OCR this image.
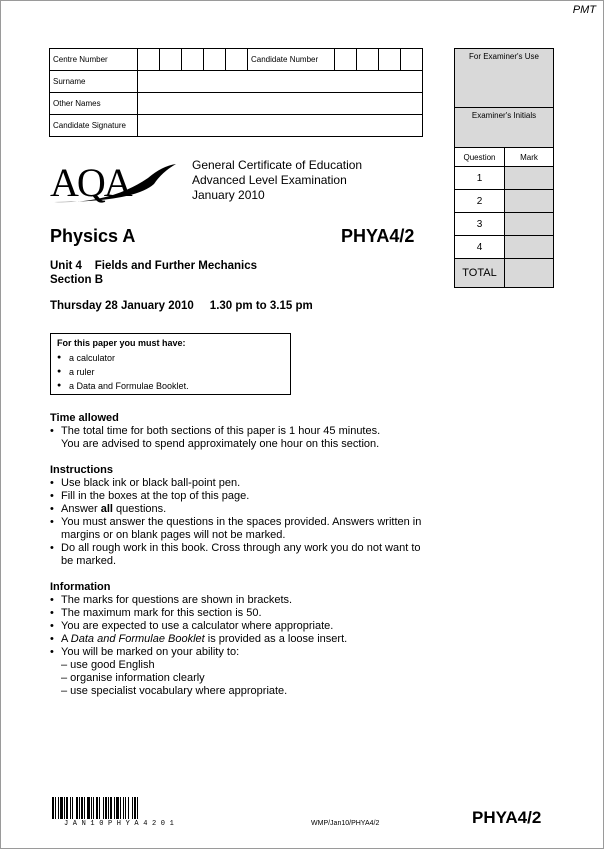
PMT
Centre Number						Candidate Number				
Surname										
Other Names										
Candidate Signature										
For Examiner's Use	
Examiner's Initials	
Question	Mark
1	
2	
3	
4	
TOTAL	
AQA	General Certificate of Education
Advanced Level Examination
January 2010
Physics A	PHYA4/2
Unit 4    Fields and Further Mechanics
Section B
Thursday 28 January 2010     1.30 pm to 3.15 pm
For this paper you must have:
● a calculator
● a ruler
● a Data and Formulae Booklet.
Time allowed
• The total time for both sections of this paper is 1 hour 45 minutes.
You are advised to spend approximately one hour on this section.
Instructions
• Use black ink or black ball-point pen.
• Fill in the boxes at the top of this page.
• Answer all questions.
• You must answer the questions in the spaces provided. Answers written in margins or on blank pages will not be marked.
• Do all rough work in this book. Cross through any work you do not want to be marked.
Information
• The marks for questions are shown in brackets.
• The maximum mark for this section is 50.
• You are expected to use a calculator where appropriate.
• A Data and Formulae Booklet is provided as a loose insert.
• You will be marked on your ability to:
– use good English
– organise information clearly
– use specialist vocabulary where appropriate.
JAN10PHYA4201	WMP/Jan10/PHYA4/2	PHYA4/2
